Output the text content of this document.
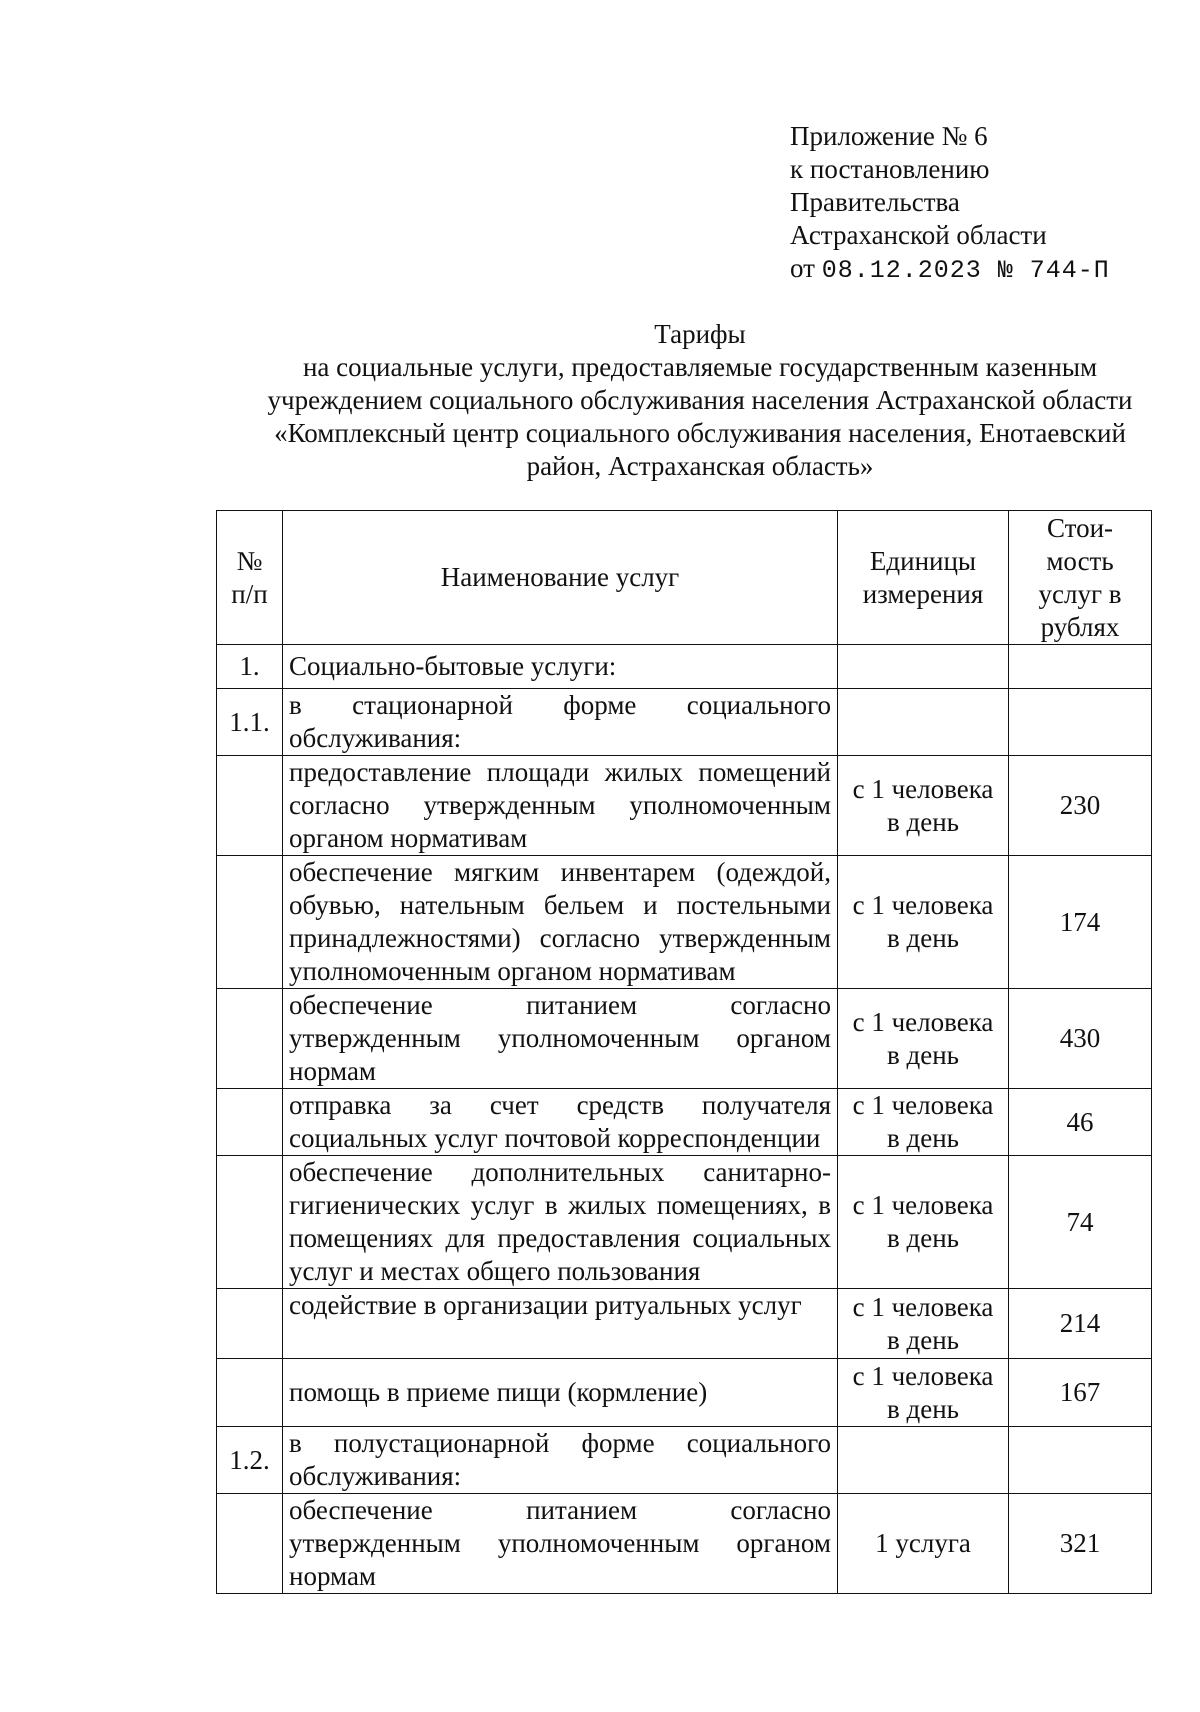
Приложение № 6
к постановлению
Правительства
Астраханской области
от 08.12.2023 № 744-П
Тарифы
на социальные услуги, предоставляемые государственным казенным
учреждением социального обслуживания населения Астраханской области
«Комплексный центр социального обслуживания населения, Енотаевский
район, Астраханская область»
№ п/п	Наименование услуг	Единицы измерения	Стои-мость услуг в рублях
1.	Социально-бытовые услуги:		
1.1.	в стационарной форме социального обслуживания:		
	предоставление площади жилых помещений согласно утвержденным уполномоченным органом нормативам	с 1 человека в день	230
	обеспечение мягким инвентарем (одеждой, обувью, нательным бельем и постельными принадлежностями) согласно утвержденным уполномоченным органом нормативам	с 1 человека в день	174
	обеспечение питанием согласно утвержденным уполномоченным органом нормам	с 1 человека в день	430
	отправка за счет средств получателя социальных услуг почтовой корреспонденции	с 1 человека в день	46
	обеспечение дополнительных санитарно-гигиенических услуг в жилых помещениях, в помещениях для предоставления социальных услуг и местах общего пользования	с 1 человека в день	74
	содействие в организации ритуальных услуг	с 1 человека в день	214
	помощь в приеме пищи (кормление)	с 1 человека в день	167
1.2.	в полустационарной форме социального обслуживания:		
	обеспечение питанием согласно утвержденным уполномоченным органом нормам	1 услуга	321
